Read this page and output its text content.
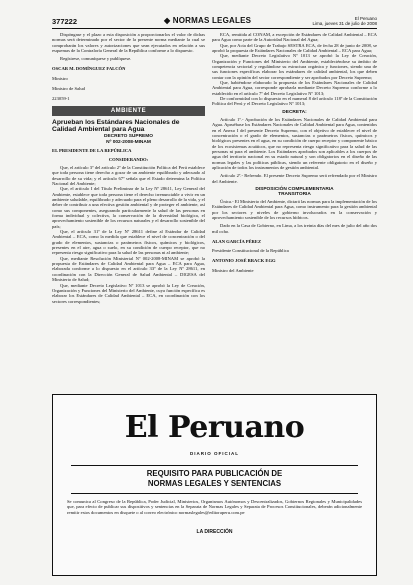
377222	◆ NORMAS LEGALES	El Peruano
Lima, jueves 31 de julio de 2008

Dispóngase y el plazo a esta disposición a proporcionarlos el valor de dichas normas será determinado por el sector de la presente norma mediante la cual se comprobarán los valores y autorizaciones que sean ejecutados en relación a sus esquemas de la Contraloría General de la República conforme a lo dispuesto.

Regístrese, comuníquese y publíquese.

OSCAR M. DOMÍNGUEZ FALCÓN

Ministro

Ministro de Salud

223059-1

AMBIENTE

Aprueban los Estándares Nacionales de Calidad Ambiental para Agua

DECRETO SUPREMO

Nº 002-2008-MINAM

EL PRESIDENTE DE LA REPÚBLICA

CONSIDERANDO:

Que, el artículo 3º del artículo 2º de la Constitución Política del Perú establece que toda persona tiene derecho a gozar de un ambiente equilibrado y adecuado al desarrollo de su vida; y el artículo 67º señala que el Estado determina la Política Nacional del Ambiente;

Que, el artículo I del Título Preliminar de la Ley Nº 28611, Ley General del Ambiente, establece que toda persona tiene el derecho irrenunciable a vivir en un ambiente saludable, equilibrado y adecuado para el pleno desarrollo de la vida, y el deber de contribuir a una efectiva gestión ambiental y de proteger el ambiente, así como sus componentes, asegurando particularmente la salud de las personas en forma individual y colectiva, la conservación de la diversidad biológica, el aprovechamiento sostenible de los recursos naturales y el desarrollo sostenible del país;

Que, el artículo 31º de la Ley Nº 28611 define al Estándar de Calidad Ambiental – ECA, como la medida que establece el nivel de concentración o del grado de elementos, sustancias o parámetros físicos, químicos y biológicos, presentes en el aire, agua o suelo, en su condición de cuerpo receptor, que no representa riesgo significativo para la salud de las personas ni al ambiente;

Que, mediante Resolución Ministerial Nº 002-2008-MINAM se aprobó la propuesta de Estándares de Calidad Ambiental para Agua – ECA para Agua, elaborada conforme a lo dispuesto en el artículo 33º de la Ley Nº 28611, en coordinación con la Dirección General de Salud Ambiental – DIGESA del Ministerio de Salud;

Que, mediante Decreto Legislativo Nº 1013 se aprobó la Ley de Creación, Organización y Funciones del Ministerio del Ambiente, cuya función específica es elaborar los Estándares de Calidad Ambiental – ECA, en coordinación con los sectores correspondientes;

ECA, remitida al CONAM, a excepción de Estándares de Calidad Ambiental – ECA para Agua como parte de la Autoridad Nacional del Agua;

Que, por Acta del Grupo de Trabajo SESTRA ECA, de fecha 28 de junio de 2008, se aprobó la propuesta de Estándares Nacionales de Calidad Ambiental – ECA para Agua;

Que, mediante Decreto Legislativo Nº 1013 se aprobó la Ley de Creación, Organización y Funciones del Ministerio del Ambiente, estableciéndose su ámbito de competencia sectorial y regulándose su estructura orgánica y funciones, siendo una de sus funciones específicas elaborar los estándares de calidad ambiental, los que deben contar con la opinión del sector correspondiente y ser aprobados por Decreto Supremo;

Que, habiéndose elaborado la propuesta de los Estándares Nacionales de Calidad Ambiental para Agua, corresponde aprobarla mediante Decreto Supremo conforme a lo establecido en el artículo 7º del Decreto Legislativo Nº 1013;

De conformidad con lo dispuesto en el numeral 8 del artículo 118º de la Constitución Política del Perú y el Decreto Legislativo Nº 1013;

DECRETA:

Artículo 1º.- Aprobación de los Estándares Nacionales de Calidad Ambiental para Agua. Apruébase los Estándares Nacionales de Calidad Ambiental para Agua, contenidos en el Anexo I del presente Decreto Supremo, con el objetivo de establecer el nivel de concentración o el grado de elementos, sustancias o parámetros físicos, químicos y biológicos presentes en el agua, en su condición de cuerpo receptor y componente básico de los ecosistemas acuáticos, que no representa riesgo significativo para la salud de las personas ni para el ambiente. Los Estándares aprobados son aplicables a los cuerpos de agua del territorio nacional en su estado natural y son obligatorios en el diseño de las normas legales y las políticas públicas, siendo un referente obligatorio en el diseño y aplicación de todos los instrumentos de gestión ambiental.

Artículo 2º.- Refrendo. El presente Decreto Supremo será refrendado por el Ministro del Ambiente.

DISPOSICIÓN COMPLEMENTARIA

TRANSITORIA

Única.- El Ministerio del Ambiente, dictará las normas para la implementación de los Estándares de Calidad Ambiental para Agua, como instrumento para la gestión ambiental por los sectores y niveles de gobierno involucrados en la conservación y aprovechamiento sostenible de los recursos hídricos.

Dado en la Casa de Gobierno, en Lima, a los treinta días del mes de julio del año dos mil ocho.

ALAN GARCÍA PÉREZ

Presidente Constitucional de la República

ANTONIO JOSÉ BRACK EGG

Ministro del Ambiente

El Peruano
DIARIO OFICIAL
REQUISITO PARA PUBLICACIÓN DE
NORMAS LEGALES Y SENTENCIAS

Se comunica al Congreso de la República, Poder Judicial, Ministerios, Organismos Autónomos y Descentralizados, Gobiernos Regionales y Municipalidades que, para efecto de publicar sus dispositivos y sentencias en la Separata de Normas Legales y Separata de Procesos Constitucionales, deberán adicionalmente remitir estos documentos en disquete o al correo electrónico normaslegales@editoraperu.com.pe

LA DIRECCIÓN
